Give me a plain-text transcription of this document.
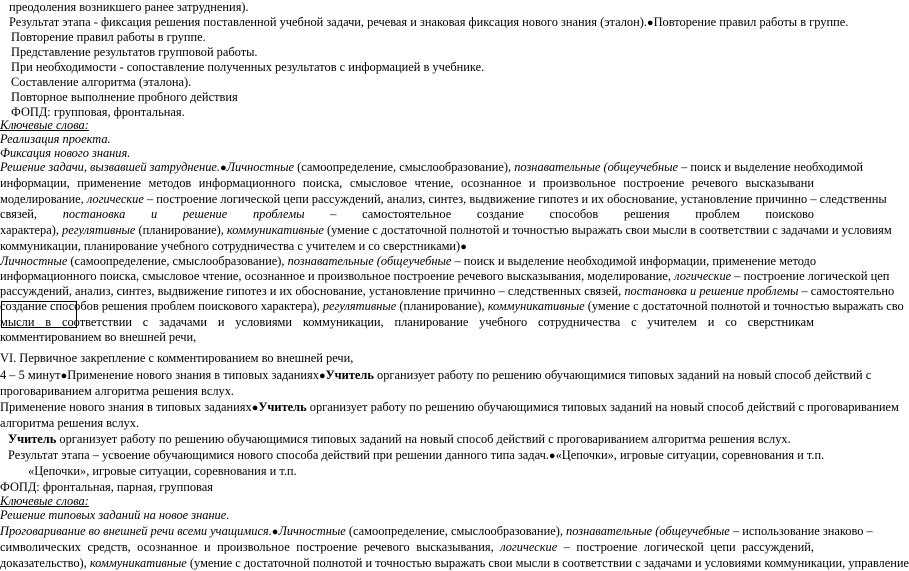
преодоления возникшего ранее затруднения).
Результат этапа - фиксация решения поставленной учебной задачи, речевая и знаковая фиксация нового знания (эталон).●Повторение правил работы в группе.
Повторение правил работы в группе.
Представление результатов групповой работы.
При необходимости - сопоставление полученных результатов с информацией в учебнике.
Составление алгоритма (эталона).
Повторное выполнение пробного действия
ФОПД: групповая, фронтальная.
Ключевые слова:
Реализация проекта.
Фиксация нового знания.
Решение задачи, вызвавшей затруднение.●Личностные (самоопределение, смыслообразование), познавательные (общеучебные – поиск и выделение необходимой
информации, применение методов информационного поиска, смысловое чтение, осознанное и произвольное построение речевого высказывани
моделирование, логические – построение логической цепи рассуждений, анализ, синтез, выдвижение гипотез и их обоснование, установление причинно – следственны
связей, постановка и решение проблемы – самостоятельное создание способов решения проблем поисково
характера), регулятивные (планирование), коммуникативные (умение с достаточной полнотой и точностью выражать свои мысли в соответствии с задачами и условиям
коммуникации, планирование учебного сотрудничества с учителем и со сверстниками)●
Личностные (самоопределение, смыслообразование), познавательные (общеучебные – поиск и выделение необходимой информации, применение методо
информационного поиска, смысловое чтение, осознанное и произвольное построение речевого высказывания, моделирование, логические – построение логической цеп
рассуждений, анализ, синтез, выдвижение гипотез и их обоснование, установление причинно – следственных связей, постановка и решение проблемы – самостоятельно
создание способов решения проблем поискового характера), регулятивные (планирование), коммуникативные (умение с достаточной полнотой и точностью выражать сво
мысли в соответствии с задачами и условиями коммуникации, планирование учебного сотрудничества с учителем и со сверстникам
комментированием во внешней речи,
VI. Первичное закрепление с комментированием во внешней речи,
4 – 5 минут●Применение нового знания в типовых заданиях●Учитель организует работу по решению обучающимися типовых заданий на новый способ действий с
проговариванием алгоритма решения вслух.
Применение нового знания в типовых заданиях●Учитель организует работу по решению обучающимися типовых заданий на новый способ действий с проговариванием
алгоритма решения вслух.
Учитель организует работу по решению обучающимися типовых заданий на новый способ действий с проговариванием алгоритма решения вслух.
Результат этапа – усвоение обучающимися нового способа действий при решении данного типа задач.●«Цепочки», игровые ситуации, соревнования и т.п.
«Цепочки», игровые ситуации, соревнования и т.п.
ФОПД: фронтальная, парная, групповая
Ключевые слова:
Решение типовых заданий на новое знание.
Проговаривание во внешней речи всеми учащимися.●Личностные (самоопределение, смыслообразование), познавательные (общеучебные – использование знаково –
символических средств, осознанное и произвольное построение речевого высказывания, логические – построение логической цепи рассуждений,
доказательство), коммуникативные (умение с достаточной полнотой и точностью выражать свои мысли в соответствии с задачами и условиями коммуникации, управление
